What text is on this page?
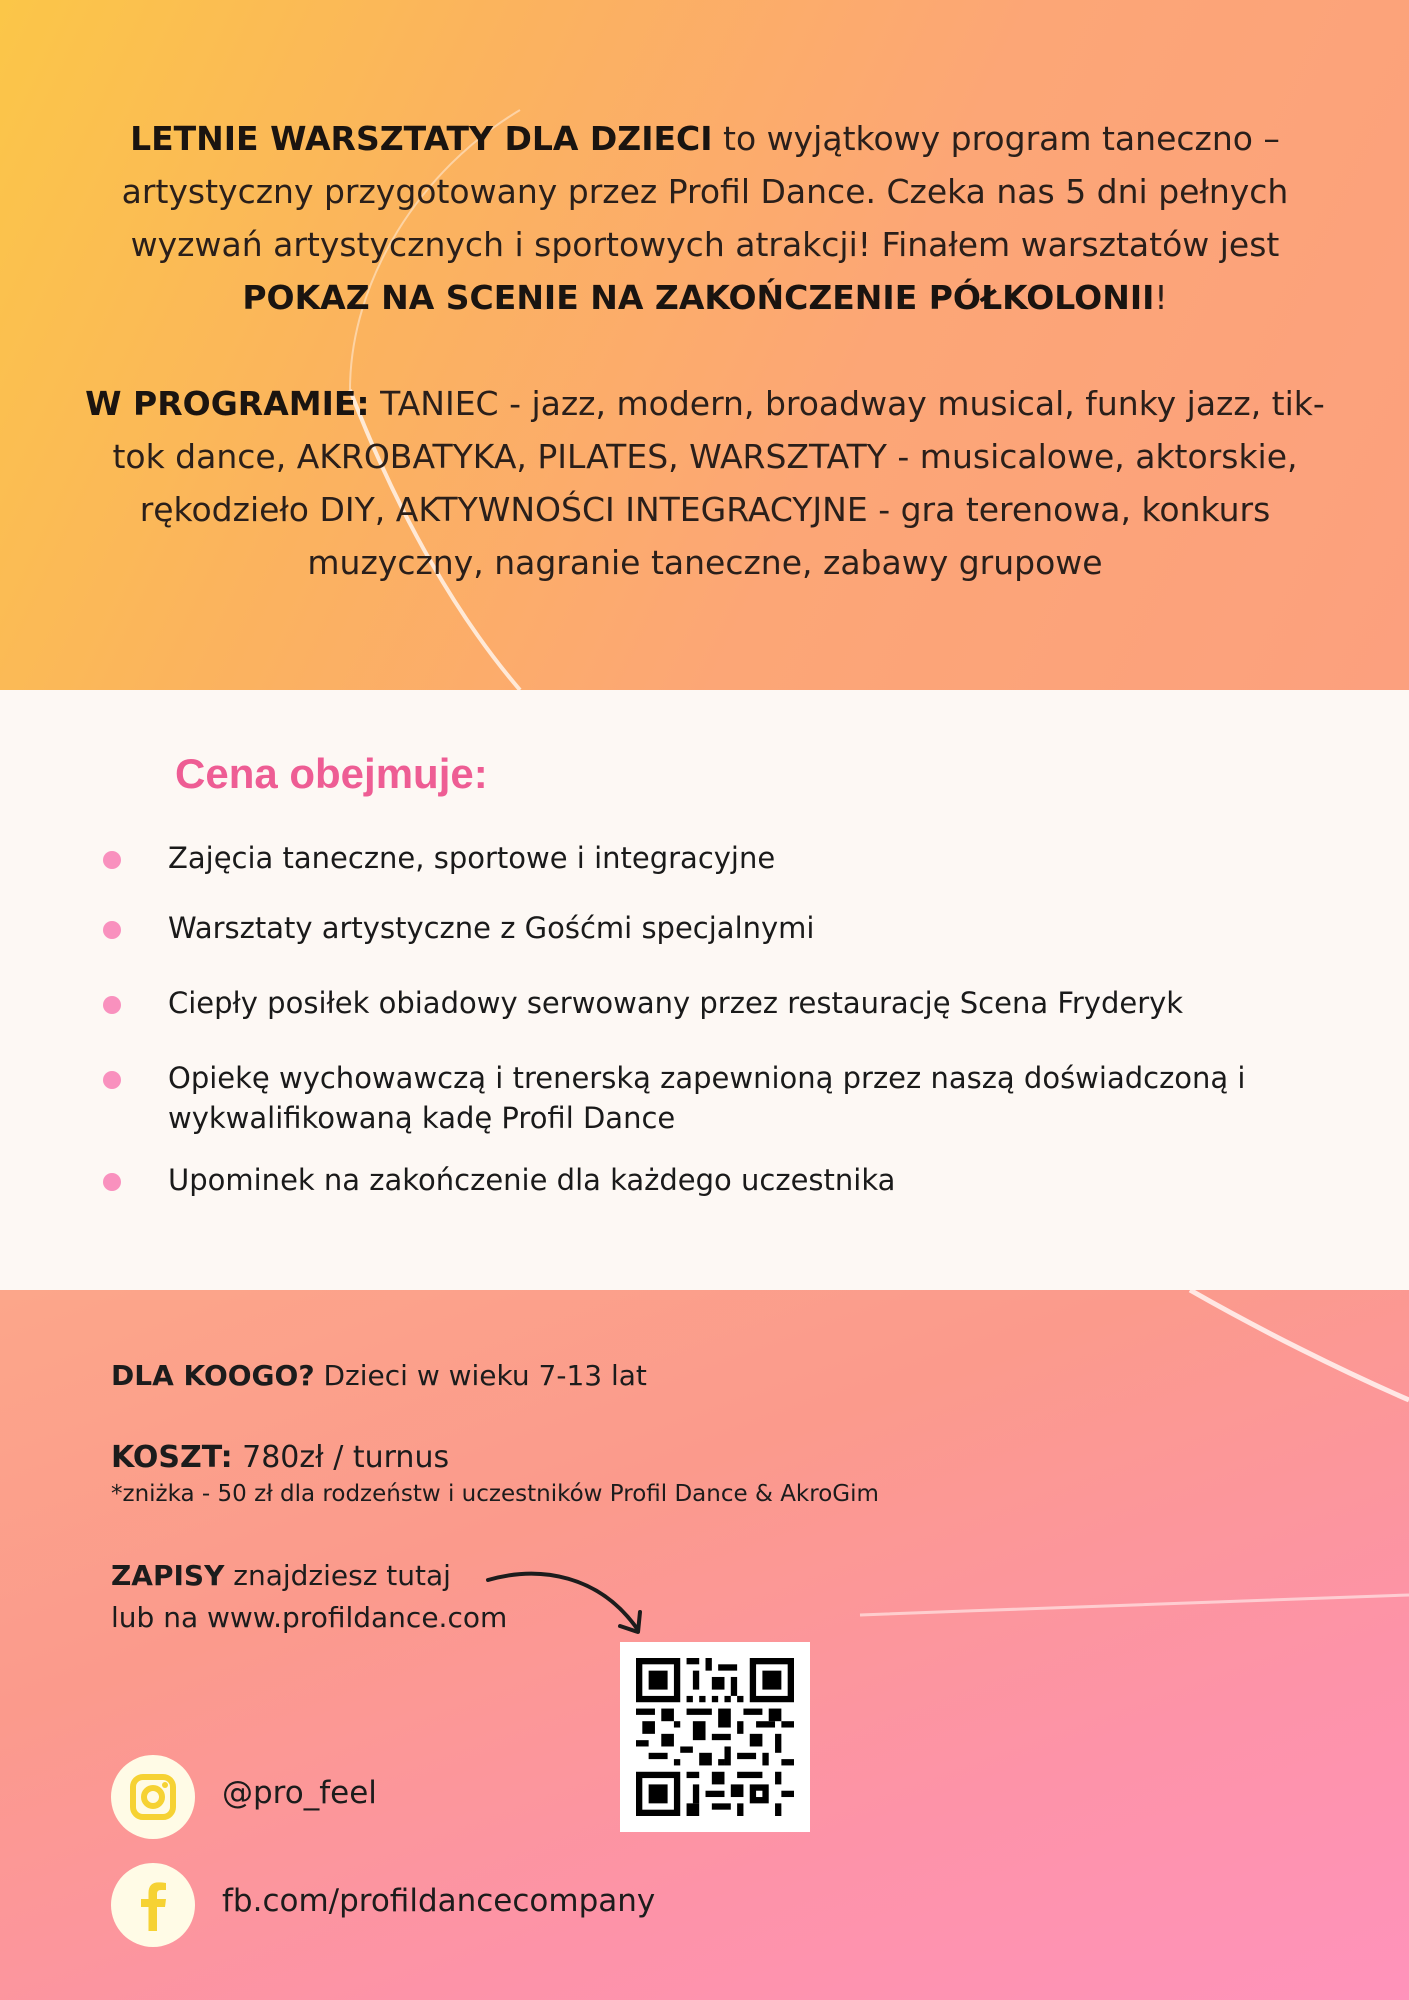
LETNIE WARSZTATY DLA DZIECI to wyjątkowy program taneczno – artystyczny przygotowany przez Profil Dance. Czeka nas 5 dni pełnych wyzwań artystycznych i sportowych atrakcji! Finałem warsztatów jest POKAZ NA SCENIE NA ZAKOŃCZENIE PÓŁKOLONII!

W PROGRAMIE: TANIEC - jazz, modern, broadway musical, funky jazz, tik-tok dance, AKROBATYKA, PILATES, WARSZTATY - musicalowe, aktorskie, rękodzieło DIY, AKTYWNOŚCI INTEGRACYJNE - gra terenowa, konkurs muzyczny, nagranie taneczne, zabawy grupowe

Cena obejmuje:
Zajęcia taneczne, sportowe i integracyjne
Warsztaty artystyczne z Gośćmi specjalnymi
Ciepły posiłek obiadowy serwowany przez restaurację Scena Fryderyk
Opiekę wychowawczą i trenerską zapewnioną przez naszą doświadczoną i wykwalifikowaną kadę Profil Dance
Upominek na zakończenie dla każdego uczestnika
DLA KOOGO? Dzieci w wieku 7-13 lat
KOSZT: 780zł / turnus
*zniżka - 50 zł dla rodzeństw i uczestników Profil Dance & AkroGim
ZAPISY znajdziesz tutaj
lub na www.profildance.com
@pro_feel
fb.com/profildancecompany
